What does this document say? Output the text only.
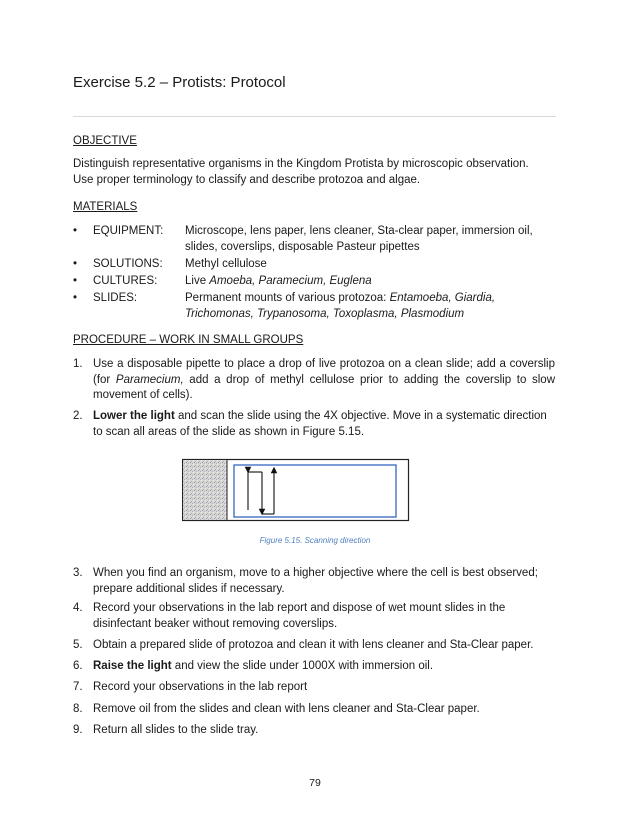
Exercise 5.2 – Protists: Protocol
OBJECTIVE
Distinguish representative organisms in the Kingdom Protista by microscopic observation.
Use proper terminology to classify and describe protozoa and algae.
MATERIALS
• EQUIPMENT: Microscope, lens paper, lens cleaner, Sta-clear paper, immersion oil,
slides, coverslips, disposable Pasteur pipettes
• SOLUTIONS: Methyl cellulose
• CULTURES: Live Amoeba, Paramecium, Euglena
• SLIDES:	Permanent mounts of various protozoa: Entamoeba, Giardia,
Trichomonas, Trypanosoma, Toxoplasma, Plasmodium
PROCEDURE – WORK IN SMALL GROUPS
1. Use a disposable pipette to place a drop of live protozoa on a clean slide; add a coverslip (for Paramecium, add a drop of methyl cellulose prior to adding the coverslip to slow movement of cells).
2. Lower the light and scan the slide using the 4X objective. Move in a systematic direction to scan all areas of the slide as shown in Figure 5.15.
Figure 5.15. Scanning direction
3. When you find an organism, move to a higher objective where the cell is best observed;
prepare additional slides if necessary.
4. Record your observations in the lab report and dispose of wet mount slides in the
disinfectant beaker without removing coverslips.
5. Obtain a prepared slide of protozoa and clean it with lens cleaner and Sta-Clear paper.
6. Raise the light and view the slide under 1000X with immersion oil.
7. Record your observations in the lab report
8. Remove oil from the slides and clean with lens cleaner and Sta-Clear paper.
9. Return all slides to the slide tray.
79
